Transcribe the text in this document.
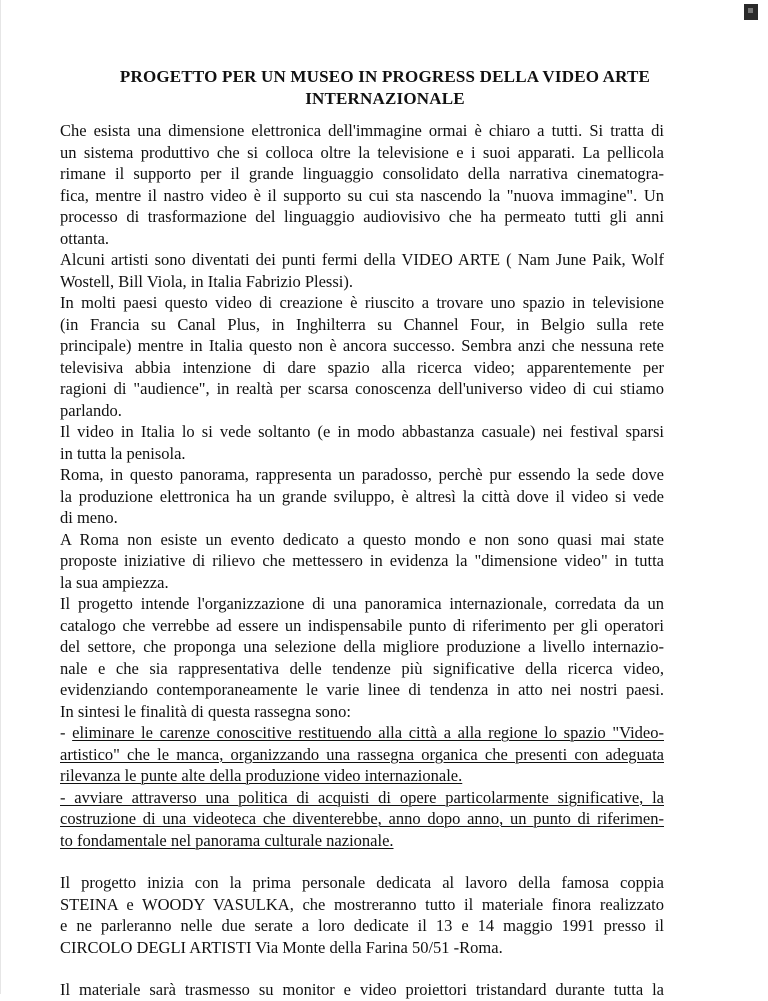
PROGETTO PER UN MUSEO IN PROGRESS DELLA VIDEO ARTE
INTERNAZIONALE
Che esista una dimensione elettronica dell'immagine ormai è chiaro a tutti. Si tratta di
un sistema produttivo che si colloca oltre la televisione e i suoi apparati. La pellicola
rimane il supporto per il grande linguaggio consolidato della narrativa cinematogra-
fica, mentre il nastro video è il supporto su cui sta nascendo la "nuova immagine". Un
processo di trasformazione del linguaggio audiovisivo che ha permeato tutti gli anni
ottanta.
Alcuni artisti sono diventati dei punti fermi della VIDEO ARTE ( Nam June Paik, Wolf
Wostell, Bill Viola, in Italia Fabrizio Plessi).
In molti paesi questo video di creazione è riuscito a trovare uno spazio in televisione
(in Francia su Canal Plus, in Inghilterra su Channel Four, in Belgio sulla rete
principale) mentre in Italia questo non è ancora successo. Sembra anzi che nessuna rete
televisiva abbia intenzione di dare spazio alla ricerca video; apparentemente per
ragioni di "audience", in realtà per scarsa conoscenza dell'universo video di cui stiamo
parlando.
Il video in Italia lo si vede soltanto (e in modo abbastanza casuale) nei festival sparsi
in tutta la penisola.
Roma, in questo panorama, rappresenta un paradosso, perchè pur essendo la sede dove
la produzione elettronica ha un grande sviluppo, è altresì la città dove il video si vede
di meno.
A Roma non esiste un evento dedicato a questo mondo e non sono quasi mai state
proposte iniziative di rilievo che mettessero in evidenza la "dimensione video" in tutta
la sua ampiezza.
Il progetto intende l'organizzazione di una panoramica internazionale, corredata da un
catalogo che verrebbe ad essere un indispensabile punto di riferimento per gli operatori
del settore, che proponga una selezione della migliore produzione a livello internazio-
nale e che sia rappresentativa delle tendenze più significative della ricerca video,
evidenziando contemporaneamente le varie linee di tendenza in atto nei nostri paesi.
In sintesi le finalità di questa rassegna sono:
- eliminare le carenze conoscitive restituendo alla città a alla regione lo spazio "Video-
artistico" che le manca, organizzando una rassegna organica che presenti con adeguata
rilevanza le punte alte della produzione video internazionale.
- avviare attraverso una politica di acquisti di opere particolarmente significative, la
costruzione di una videoteca che diventerebbe, anno dopo anno, un punto di riferimen-
to fondamentale nel panorama culturale nazionale.
Il progetto inizia con la prima personale dedicata al lavoro della famosa coppia
STEINA e WOODY VASULKA, che mostreranno tutto il materiale finora realizzato
e ne parleranno nelle due serate a loro dedicate il 13 e 14 maggio 1991 presso il
CIRCOLO DEGLI ARTISTI Via Monte della Farina 50/51 -Roma.
Il materiale sarà trasmesso su monitor e video proiettori tristandard durante tutta la
